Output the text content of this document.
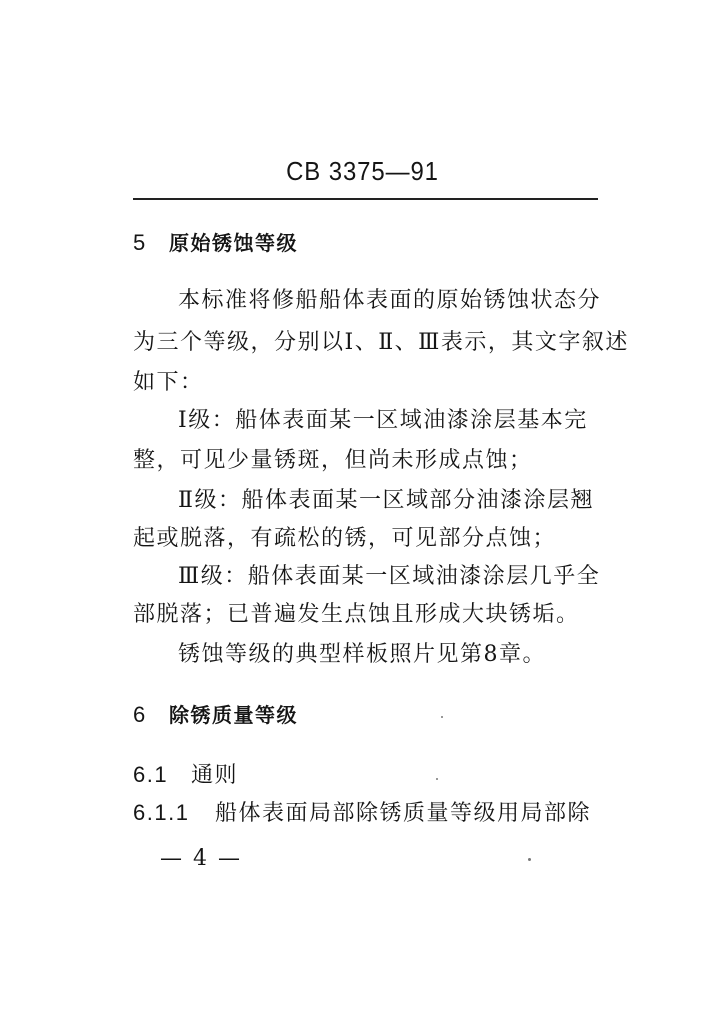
CB 3375—91
5 原始锈蚀等级
本标准将修船船体表面的原始锈蚀状态分
为三个等级，分别以Ⅰ、Ⅱ、Ⅲ表示，其文字叙述
如下：
Ⅰ级：船体表面某一区域油漆涂层基本完
整，可见少量锈斑，但尚未形成点蚀；
Ⅱ级：船体表面某一区域部分油漆涂层翘
起或脱落，有疏松的锈，可见部分点蚀；
Ⅲ级：船体表面某一区域油漆涂层几乎全
部脱落；已普遍发生点蚀且形成大块锈垢。
锈蚀等级的典型样板照片见第8章。
6 除锈质量等级
6.1 通则
6.1.1 船体表面局部除锈质量等级用局部除
— 4 —
